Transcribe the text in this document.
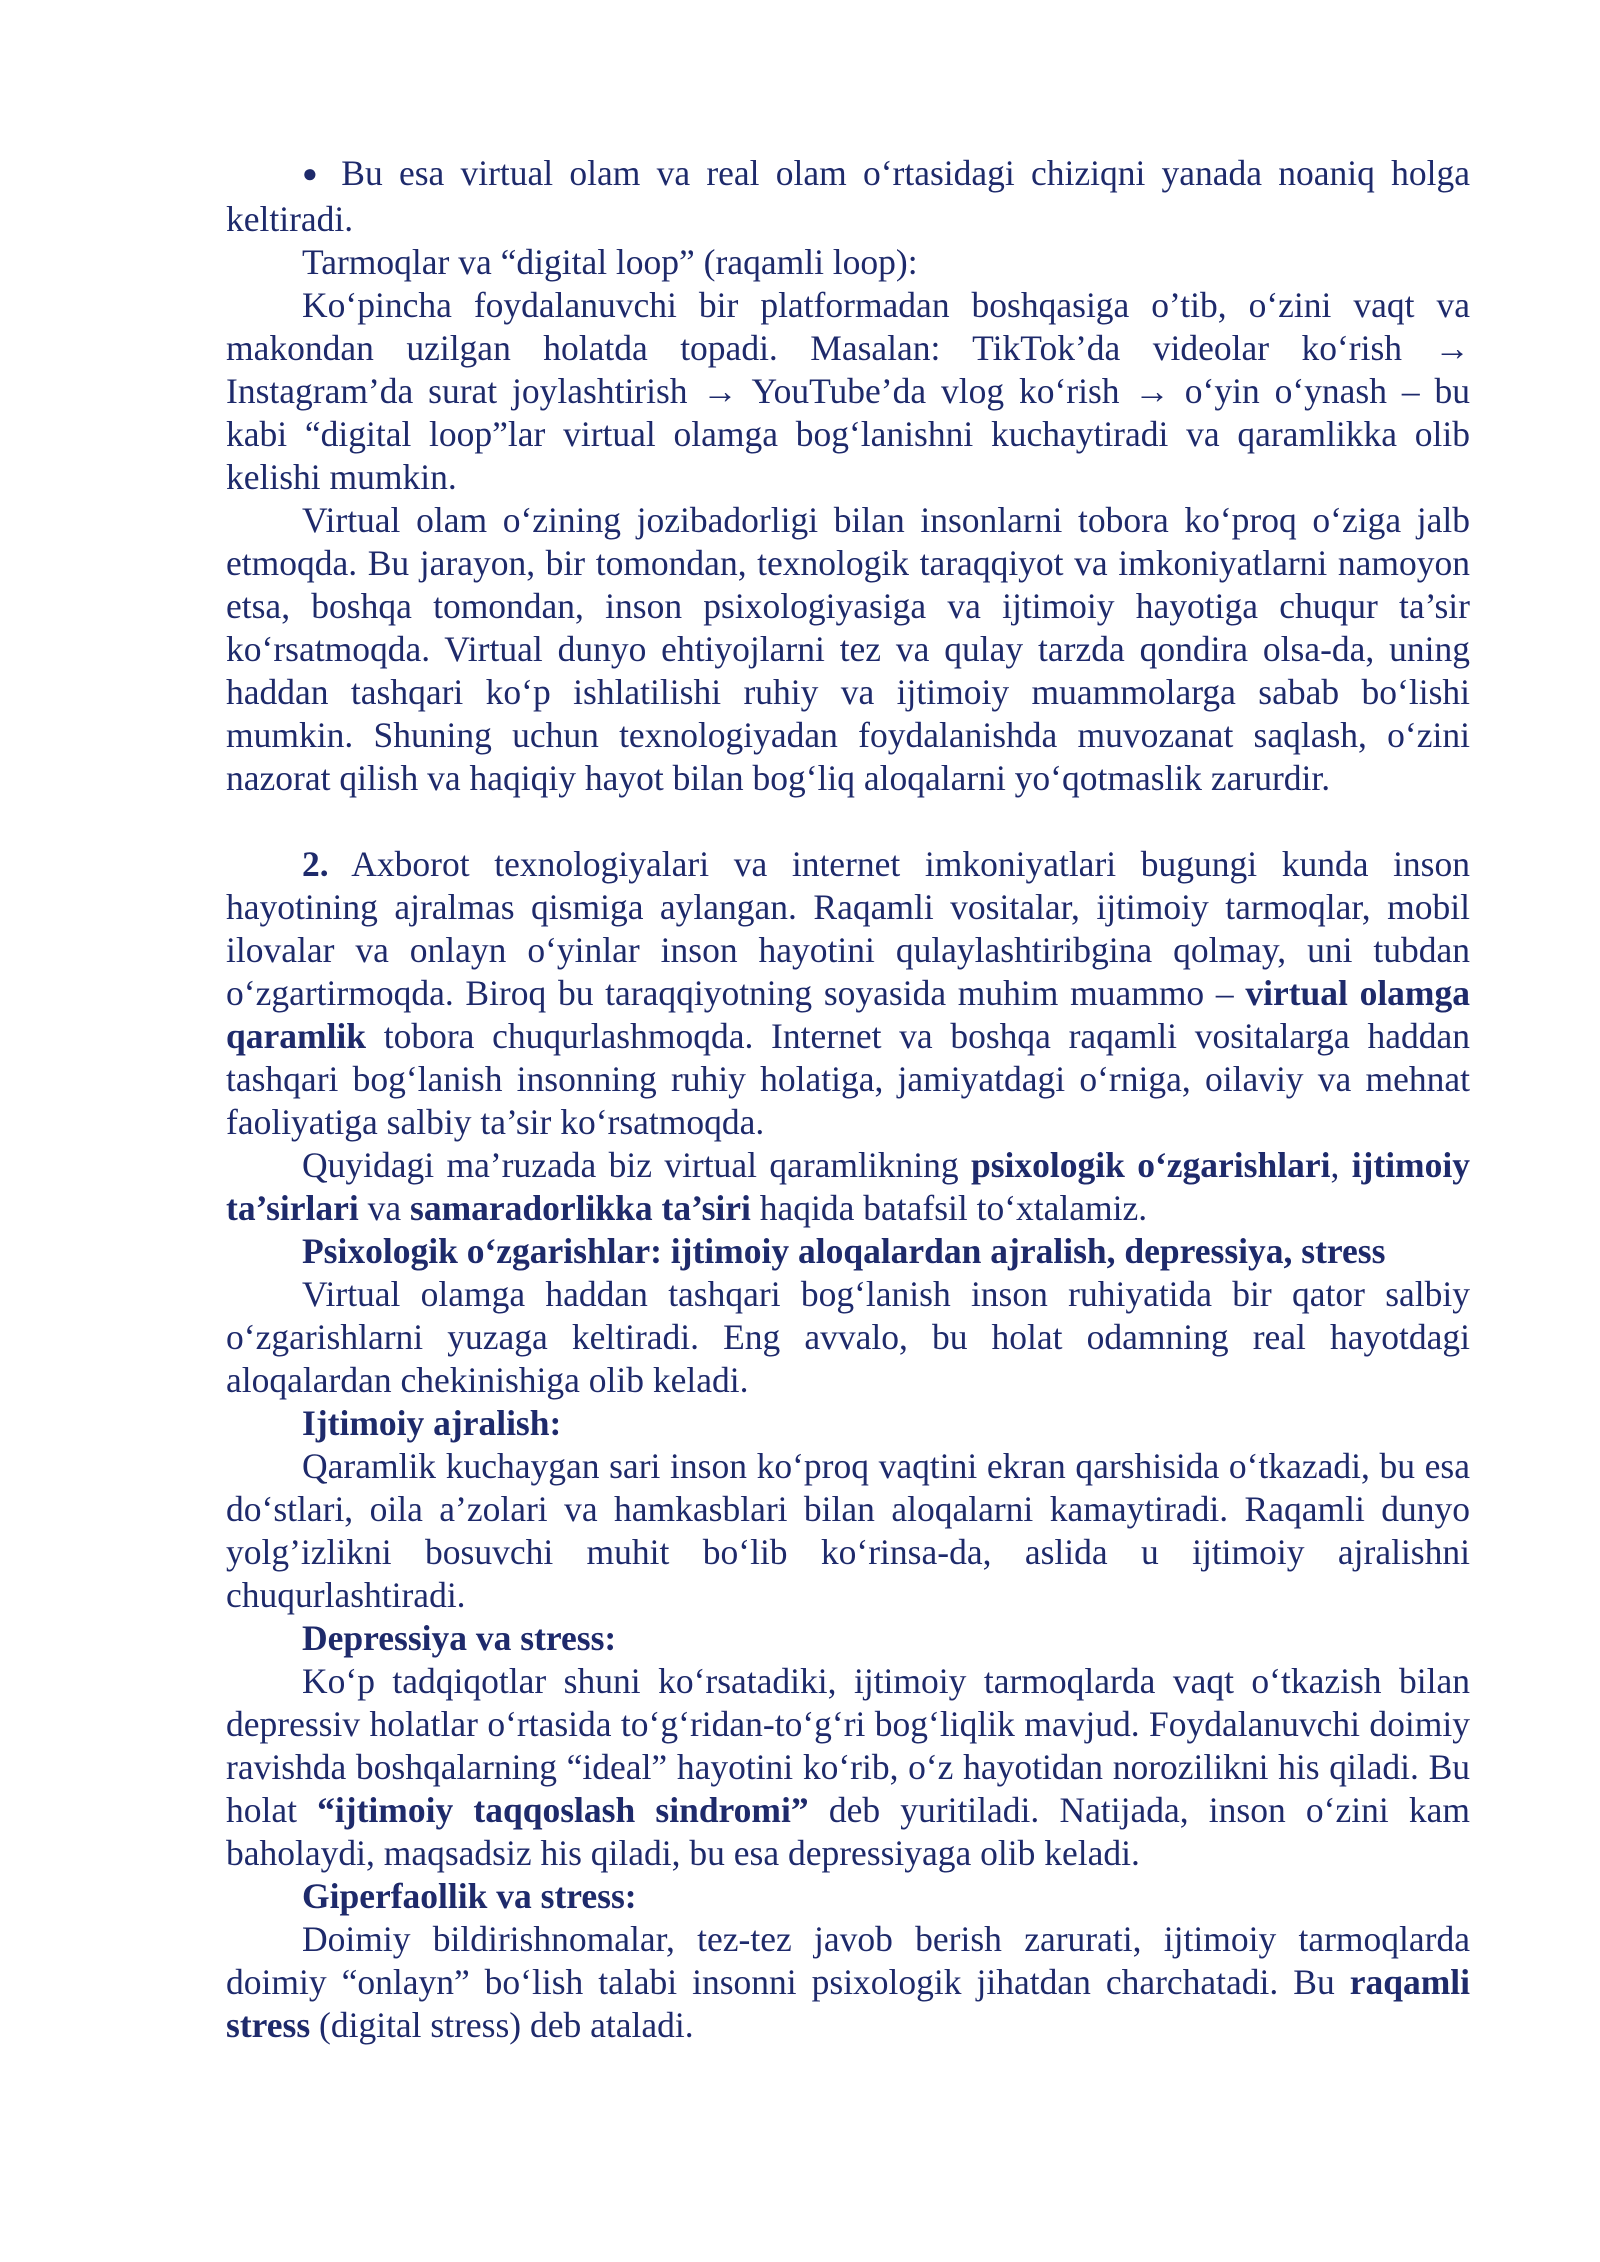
● Bu esa virtual olam va real olam o‘rtasidagi chiziqni yanada noaniq holga keltiradi.

Tarmoqlar va “digital loop” (raqamli loop):

Ko‘pincha foydalanuvchi bir platformadan boshqasiga o’tib, o‘zini vaqt va makondan uzilgan holatda topadi. Masalan: TikTok’da videolar ko‘rish → Instagram’da surat joylashtirish → YouTube’da vlog ko‘rish → o‘yin o‘ynash – bu kabi “digital loop”lar virtual olamga bog‘lanishni kuchaytiradi va qaramlikka olib kelishi mumkin.

Virtual olam o‘zining jozibadorligi bilan insonlarni tobora ko‘proq o‘ziga jalb etmoqda. Bu jarayon, bir tomondan, texnologik taraqqiyot va imkoniyatlarni namoyon etsa, boshqa tomondan, inson psixologiyasiga va ijtimoiy hayotiga chuqur ta’sir ko‘rsatmoqda. Virtual dunyo ehtiyojlarni tez va qulay tarzda qondira olsa-da, uning haddan tashqari ko‘p ishlatilishi ruhiy va ijtimoiy muammolarga sabab bo‘lishi mumkin. Shuning uchun texnologiyadan foydalanishda muvozanat saqlash, o‘zini nazorat qilish va haqiqiy hayot bilan bog‘liq aloqalarni yo‘qotmaslik zarurdir.

2. Axborot texnologiyalari va internet imkoniyatlari bugungi kunda inson hayotining ajralmas qismiga aylangan. Raqamli vositalar, ijtimoiy tarmoqlar, mobil ilovalar va onlayn o‘yinlar inson hayotini qulaylashtiribgina qolmay, uni tubdan o‘zgartirmoqda. Biroq bu taraqqiyotning soyasida muhim muammo – virtual olamga qaramlik tobora chuqurlashmoqda. Internet va boshqa raqamli vositalarga haddan tashqari bog‘lanish insonning ruhiy holatiga, jamiyatdagi o‘rniga, oilaviy va mehnat faoliyatiga salbiy ta’sir ko‘rsatmoqda.

Quyidagi ma’ruzada biz virtual qaramlikning psixologik o‘zgarishlari, ijtimoiy ta’sirlari va samaradorlikka ta’siri haqida batafsil to‘xtalamiz.

Psixologik o‘zgarishlar: ijtimoiy aloqalardan ajralish, depressiya, stress

Virtual olamga haddan tashqari bog‘lanish inson ruhiyatida bir qator salbiy o‘zgarishlarni yuzaga keltiradi. Eng avvalo, bu holat odamning real hayotdagi aloqalardan chekinishiga olib keladi.

Ijtimoiy ajralish:

Qaramlik kuchaygan sari inson ko‘proq vaqtini ekran qarshisida o‘tkazadi, bu esa do‘stlari, oila a’zolari va hamkasblari bilan aloqalarni kamaytiradi. Raqamli dunyo yolg’izlikni bosuvchi muhit bo‘lib ko‘rinsa-da, aslida u ijtimoiy ajralishni chuqurlashtiradi.

Depressiya va stress:

Ko‘p tadqiqotlar shuni ko‘rsatadiki, ijtimoiy tarmoqlarda vaqt o‘tkazish bilan depressiv holatlar o‘rtasida to‘g‘ridan-to‘g‘ri bog‘liqlik mavjud. Foydalanuvchi doimiy ravishda boshqalarning “ideal” hayotini ko‘rib, o‘z hayotidan norozilikni his qiladi. Bu holat “ijtimoiy taqqoslash sindromi” deb yuritiladi. Natijada, inson o‘zini kam baholaydi, maqsadsiz his qiladi, bu esa depressiyaga olib keladi.

Giperfaollik va stress:

Doimiy bildirishnomalar, tez-tez javob berish zarurati, ijtimoiy tarmoqlarda doimiy “onlayn” bo‘lish talabi insonni psixologik jihatdan charchatadi. Bu raqamli stress (digital stress) deb ataladi.
